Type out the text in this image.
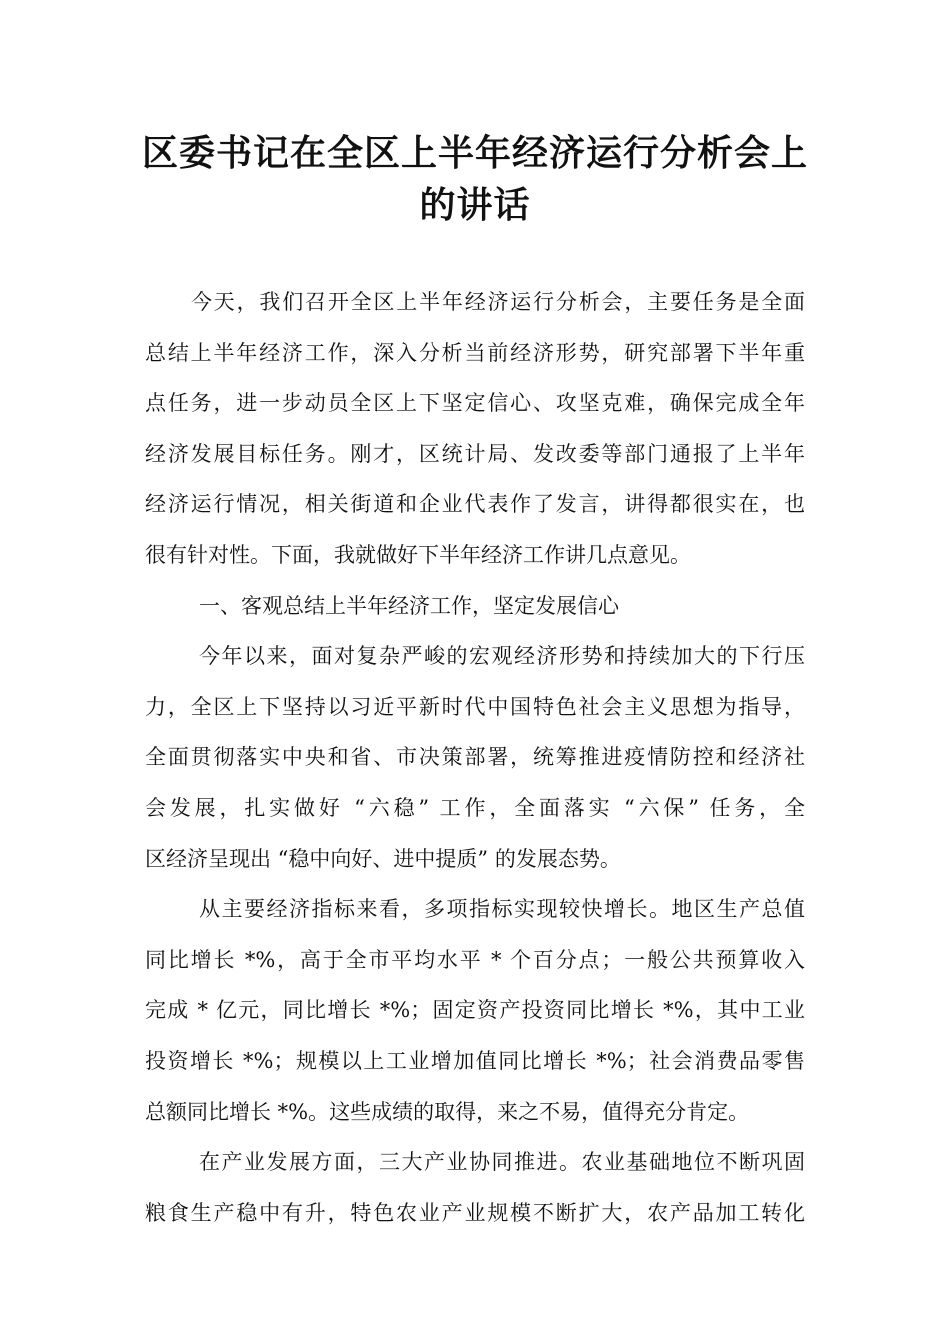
区委书记在全区上半年经济运行分析会上
的讲话
今天，我们召开全区上半年经济运行分析会，主要任务是全面
总结上半年经济工作，深入分析当前经济形势，研究部署下半年重
点任务，进一步动员全区上下坚定信心、攻坚克难，确保完成全年
经济发展目标任务。刚才，区统计局、发改委等部门通报了上半年
经济运行情况，相关街道和企业代表作了发言，讲得都很实在，也
很有针对性。下面，我就做好下半年经济工作讲几点意见。
一、客观总结上半年经济工作，坚定发展信心
今年以来，面对复杂严峻的宏观经济形势和持续加大的下行压
力，全区上下坚持以习近平新时代中国特色社会主义思想为指导，
全面贯彻落实中央和省、市决策部署，统筹推进疫情防控和经济社
会发展，扎实做好 “六稳” 工作，全面落实 “六保” 任务，全
区经济呈现出 “稳中向好、进中提质” 的发展态势。
从主要经济指标来看，多项指标实现较快增长。地区生产总值
同比增长 *%，高于全市平均水平 * 个百分点；一般公共预算收入
完成 * 亿元，同比增长 *%；固定资产投资同比增长 *%，其中工业
投资增长 *%；规模以上工业增加值同比增长 *%；社会消费品零售
总额同比增长 *%。这些成绩的取得，来之不易，值得充分肯定。
在产业发展方面，三大产业协同推进。农业基础地位不断巩固
粮食生产稳中有升，特色农业产业规模不断扩大，农产品加工转化
